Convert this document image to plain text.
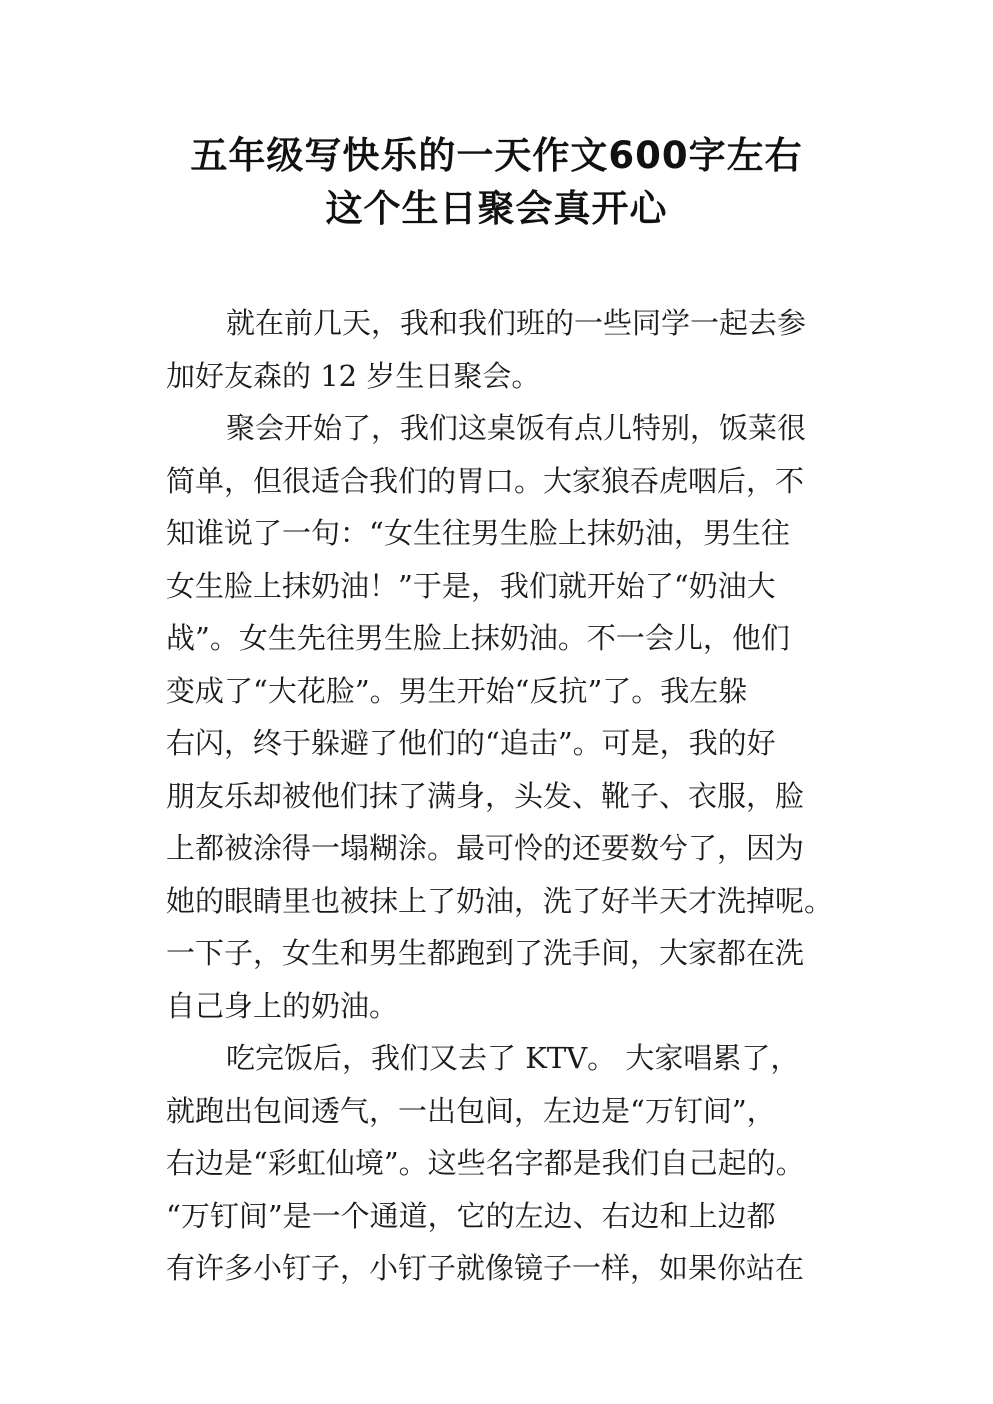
五年级写快乐的一天作文600字左右
这个生日聚会真开心
就在前几天，我和我们班的一些同学一起去参
加好友森的 12 岁生日聚会。
聚会开始了，我们这桌饭有点儿特别，饭菜很
简单，但很适合我们的胃口。大家狼吞虎咽后，不
知谁说了一句：“女生往男生脸上抹奶油，男生往
女生脸上抹奶油！”于是，我们就开始了“奶油大
战”。女生先往男生脸上抹奶油。不一会儿，他们
变成了“大花脸”。男生开始“反抗”了。我左躲
右闪，终于躲避了他们的“追击”。可是，我的好
朋友乐却被他们抹了满身，头发、靴子、衣服，脸
上都被涂得一塌糊涂。最可怜的还要数兮了，因为
她的眼睛里也被抹上了奶油，洗了好半天才洗掉呢。
一下子，女生和男生都跑到了洗手间，大家都在洗
自己身上的奶油。
吃完饭后，我们又去了 KTV。 大家唱累了，
就跑出包间透气，一出包间，左边是“万钉间”，
右边是“彩虹仙境”。这些名字都是我们自己起的。
“万钉间”是一个通道，它的左边、右边和上边都
有许多小钉子，小钉子就像镜子一样，如果你站在
